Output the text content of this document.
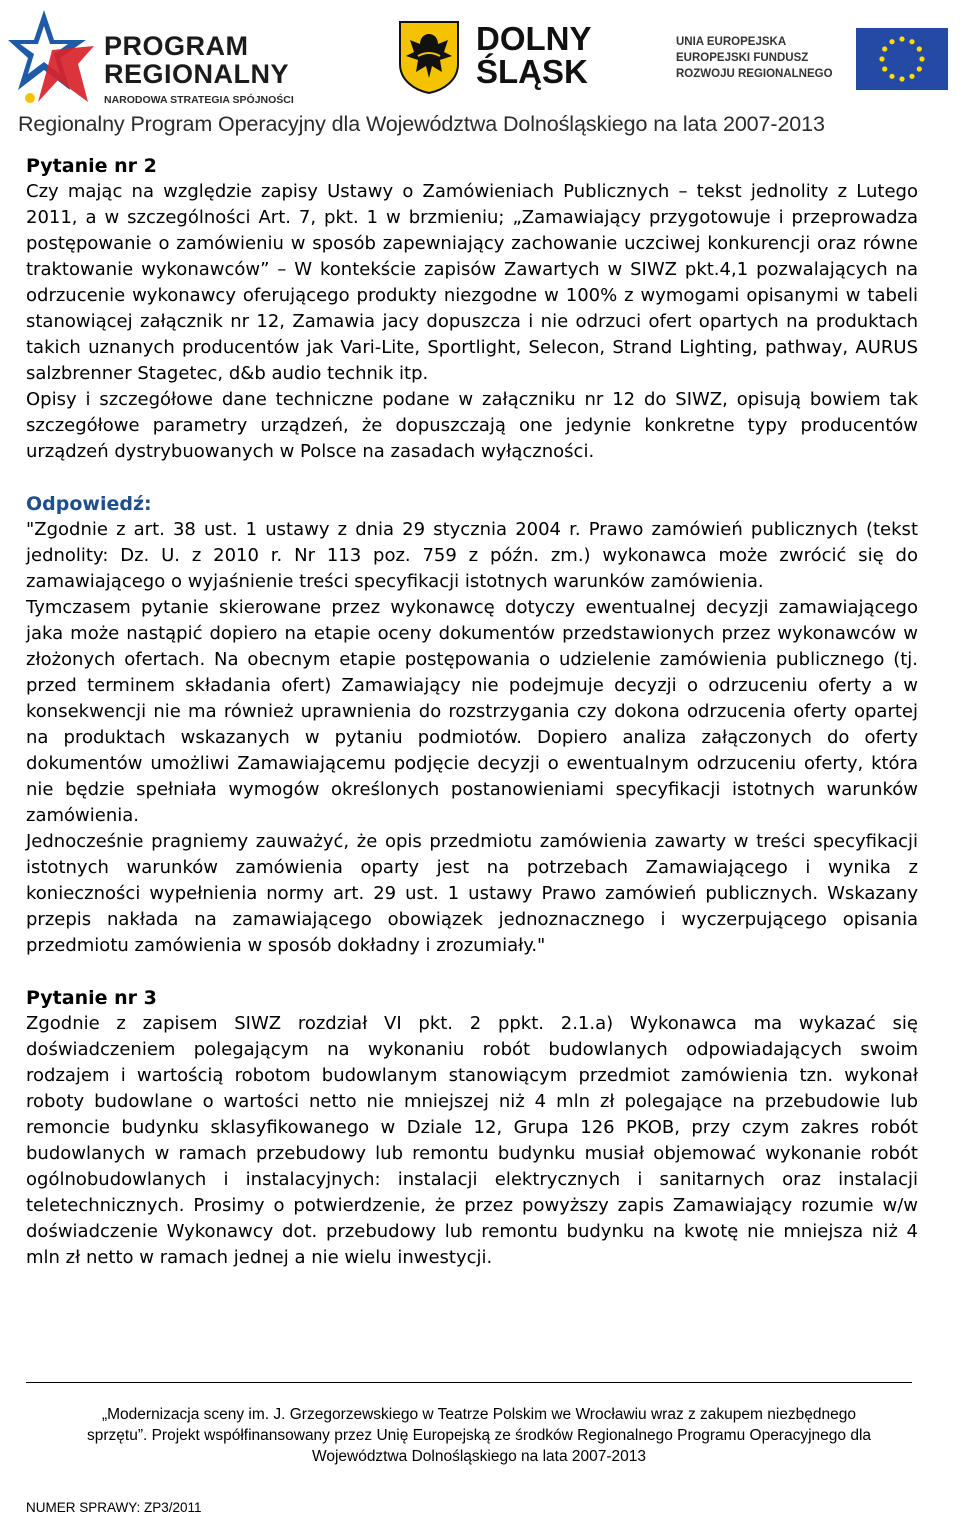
PROGRAM
REGIONALNY
NARODOWA STRATEGIA SPÓJNOŚCI
DOLNY
ŚLĄSK
UNIA EUROPEJSKA
EUROPEJSKI FUNDUSZ
ROZWOJU REGIONALNEGO
Regionalny Program Operacyjny dla Województwa Dolnośląskiego na lata 2007-2013

Pytanie nr 2

Czy mając na względzie zapisy Ustawy o Zamówieniach Publicznych – tekst jednolity z Lutego 2011, a w szczególności Art. 7, pkt. 1 w brzmieniu; „Zamawiający przygotowuje i przeprowadza postępowanie o zamówieniu w sposób zapewniający zachowanie uczciwej konkurencji oraz równe traktowanie wykonawców” – W kontekście zapisów Zawartych w SIWZ pkt.4,1 pozwalających na odrzucenie wykonawcy oferującego produkty niezgodne w 100% z wymogami opisanymi w tabeli stanowiącej załącznik nr 12, Zamawia jacy dopuszcza i nie odrzuci ofert opartych na produktach takich uznanych producentów jak Vari-Lite, Sportlight, Selecon, Strand Lighting, pathway, AURUS salzbrenner Stagetec, d&b audio technik itp.

Opisy i szczegółowe dane techniczne podane w załączniku nr 12 do SIWZ, opisują bowiem tak szczegółowe parametry urządzeń, że dopuszczają one jedynie konkretne typy producentów urządzeń dystrybuowanych w Polsce na zasadach wyłączności.

Odpowiedź:

"Zgodnie z art. 38 ust. 1 ustawy z dnia 29 stycznia 2004 r. Prawo zamówień publicznych (tekst jednolity: Dz. U. z 2010 r. Nr 113 poz. 759 z późn. zm.) wykonawca może zwrócić się do zamawiającego o wyjaśnienie treści specyfikacji istotnych warunków zamówienia.

Tymczasem pytanie skierowane przez wykonawcę dotyczy ewentualnej decyzji zamawiającego jaka może nastąpić dopiero na etapie oceny dokumentów przedstawionych przez wykonawców w złożonych ofertach. Na obecnym etapie postępowania o udzielenie zamówienia publicznego (tj. przed terminem składania ofert) Zamawiający nie podejmuje decyzji o odrzuceniu oferty a w konsekwencji nie ma również uprawnienia do rozstrzygania czy dokona odrzucenia oferty opartej na produktach wskazanych w pytaniu podmiotów. Dopiero analiza załączonych do oferty dokumentów umożliwi Zamawiającemu podjęcie decyzji o ewentualnym odrzuceniu oferty, która nie będzie spełniała wymogów określonych postanowieniami specyfikacji istotnych warunków zamówienia.

Jednocześnie pragniemy zauważyć, że opis przedmiotu zamówienia zawarty w treści specyfikacji istotnych warunków zamówienia oparty jest na potrzebach Zamawiającego i wynika z konieczności wypełnienia normy art. 29 ust. 1 ustawy Prawo zamówień publicznych. Wskazany przepis nakłada na zamawiającego obowiązek jednoznacznego i wyczerpującego opisania przedmiotu zamówienia w sposób dokładny i zrozumiały."

Pytanie nr 3

Zgodnie z zapisem SIWZ rozdział VI pkt. 2 ppkt. 2.1.a) Wykonawca ma wykazać się doświadczeniem polegającym na wykonaniu robót budowlanych odpowiadających swoim rodzajem i wartością robotom budowlanym stanowiącym przedmiot zamówienia tzn. wykonał roboty budowlane o wartości netto nie mniejszej niż 4 mln zł polegające na przebudowie lub remoncie budynku sklasyfikowanego w Dziale 12, Grupa 126 PKOB, przy czym zakres robót budowlanych w ramach przebudowy lub remontu budynku musiał objemować wykonanie robót ogólnobudowlanych i instalacyjnych: instalacji elektrycznych i sanitarnych oraz instalacji teletechnicznych. Prosimy o potwierdzenie, że przez powyższy zapis Zamawiający rozumie w/w doświadczenie Wykonawcy dot. przebudowy lub remontu budynku na kwotę nie mniejsza niż 4 mln zł netto w ramach jednej a nie wielu inwestycji.

„Modernizacja sceny im. J. Grzegorzewskiego w Teatrze Polskim we Wrocławiu wraz z zakupem niezbędnego
sprzętu”. Projekt współfinansowany przez Unię Europejską ze środków Regionalnego Programu Operacyjnego dla
Województwa Dolnośląskiego na lata 2007-2013
NUMER SPRAWY: ZP3/2011
